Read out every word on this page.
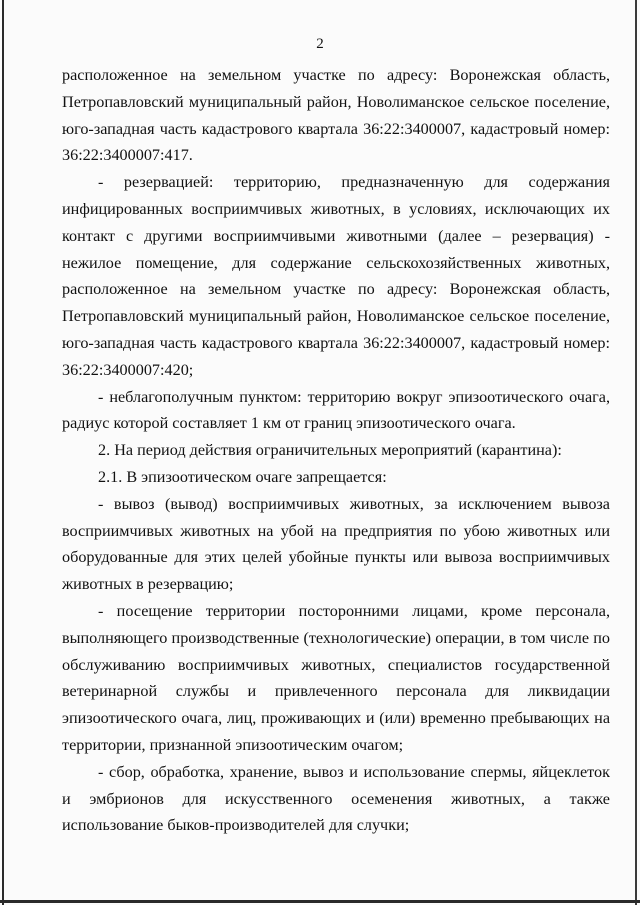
2

расположенное на земельном участке по адресу: Воронежская область, Петропавловский муниципальный район, Новолиманское сельское поселение, юго-западная часть кадастрового квартала 36:22:3400007, кадастровый номер: 36:22:3400007:417.

- резервацией: территорию, предназначенную для содержания инфицированных восприимчивых животных, в условиях, исключающих их контакт с другими восприимчивыми животными (далее – резервация) - нежилое помещение, для содержание сельскохозяйственных животных, расположенное на земельном участке по адресу: Воронежская область, Петропавловский муниципальный район, Новолиманское сельское поселение, юго-западная часть кадастрового квартала 36:22:3400007, кадастровый номер: 36:22:3400007:420;

- неблагополучным пунктом: территорию вокруг эпизоотического очага, радиус которой составляет 1 км от границ эпизоотического очага.

2. На период действия ограничительных мероприятий (карантина):

2.1. В эпизоотическом очаге запрещается:

- вывоз (вывод) восприимчивых животных, за исключением вывоза восприимчивых животных на убой на предприятия по убою животных или оборудованные для этих целей убойные пункты или вывоза восприимчивых животных в резервацию;

- посещение территории посторонними лицами, кроме персонала, выполняющего производственные (технологические) операции, в том числе по обслуживанию восприимчивых животных, специалистов государственной ветеринарной службы и привлеченного персонала для ликвидации эпизоотического очага, лиц, проживающих и (или) временно пребывающих на территории, признанной эпизоотическим очагом;

- сбор, обработка, хранение, вывоз и использование спермы, яйцеклеток и эмбрионов для искусственного осеменения животных, а также использование быков-производителей для случки;
